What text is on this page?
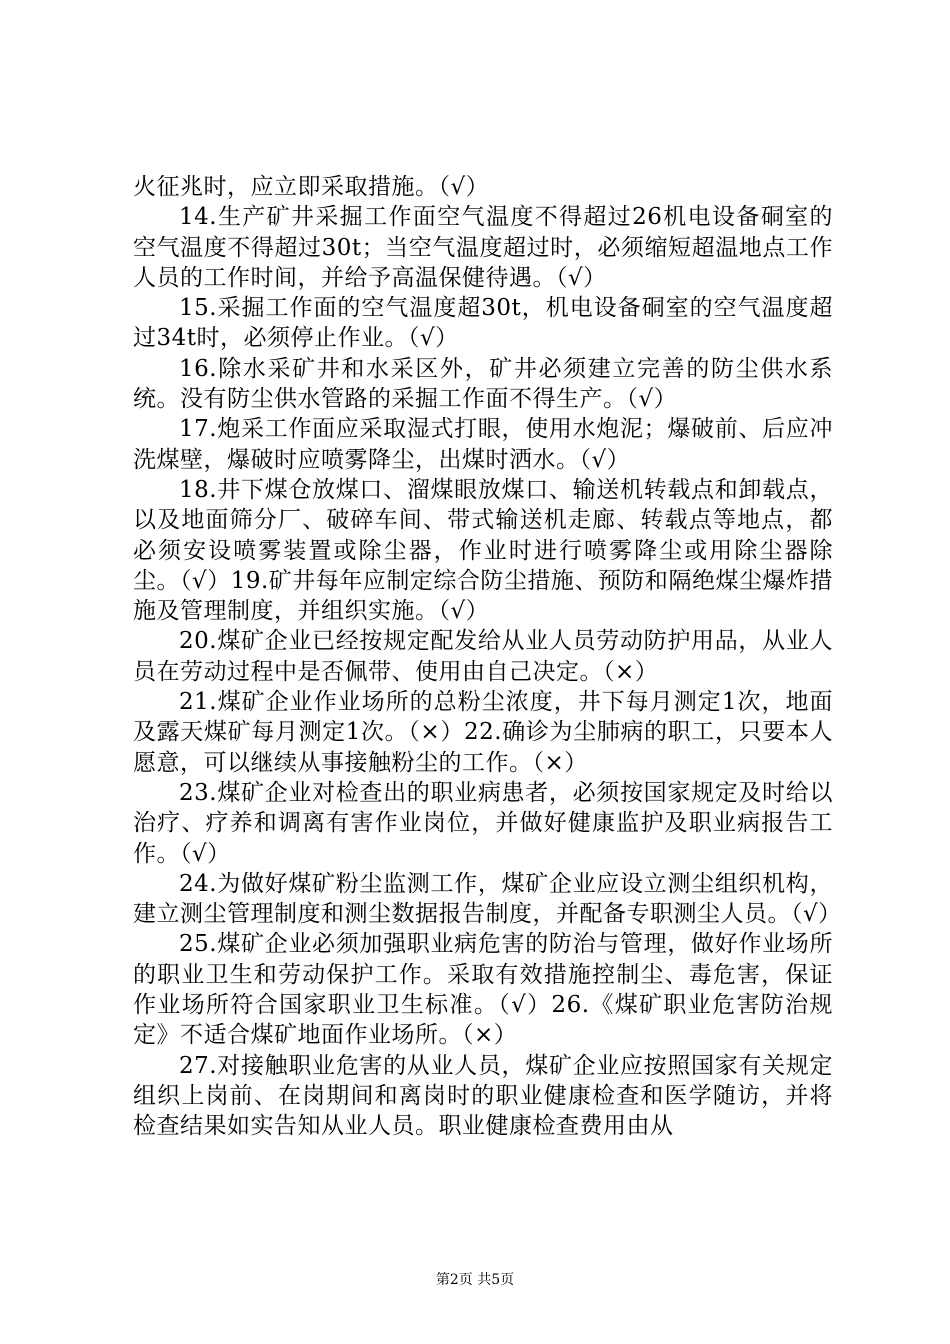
火征兆时，应立即采取措施。（√）

14.生产矿井采掘工作面空气温度不得超过26机电设备硐室的空气温度不得超过30t；当空气温度超过时，必须缩短超温地点工作人员的工作时间，并给予高温保健待遇。（√）

15.采掘工作面的空气温度超30t，机电设备硐室的空气温度超过34t时，必须停止作业。（√）

16.除水采矿井和水采区外，矿井必须建立完善的防尘供水系统。没有防尘供水管路的采掘工作面不得生产。（√）

17.炮采工作面应采取湿式打眼，使用水炮泥；爆破前、后应冲洗煤壁，爆破时应喷雾降尘，出煤时洒水。（√）

18.井下煤仓放煤口、溜煤眼放煤口、输送机转载点和卸载点，以及地面筛分厂、破碎车间、带式输送机走廊、转载点等地点，都必须安设喷雾装置或除尘器，作业时进行喷雾降尘或用除尘器除尘。（√）19.矿井每年应制定综合防尘措施、预防和隔绝煤尘爆炸措施及管理制度，并组织实施。（√）

20.煤矿企业已经按规定配发给从业人员劳动防护用品，从业人员在劳动过程中是否佩带、使用由自己决定。（×）

21.煤矿企业作业场所的总粉尘浓度，井下每月测定1次，地面及露天煤矿每月测定1次。（×）22.确诊为尘肺病的职工，只要本人愿意，可以继续从事接触粉尘的工作。（×）

23.煤矿企业对检查出的职业病患者，必须按国家规定及时给以治疗、疗养和调离有害作业岗位，并做好健康监护及职业病报告工作。（√）

24.为做好煤矿粉尘监测工作，煤矿企业应设立测尘组织机构，建立测尘管理制度和测尘数据报告制度，并配备专职测尘人员。（√）

25.煤矿企业必须加强职业病危害的防治与管理，做好作业场所的职业卫生和劳动保护工作。采取有效措施控制尘、毒危害，保证作业场所符合国家职业卫生标准。（√）26.《煤矿职业危害防治规定》不适合煤矿地面作业场所。（×）

27.对接触职业危害的从业人员，煤矿企业应按照国家有关规定组织上岗前、在岗期间和离岗时的职业健康检查和医学随访，并将检查结果如实告知从业人员。职业健康检查费用由从

第2页 共5页
